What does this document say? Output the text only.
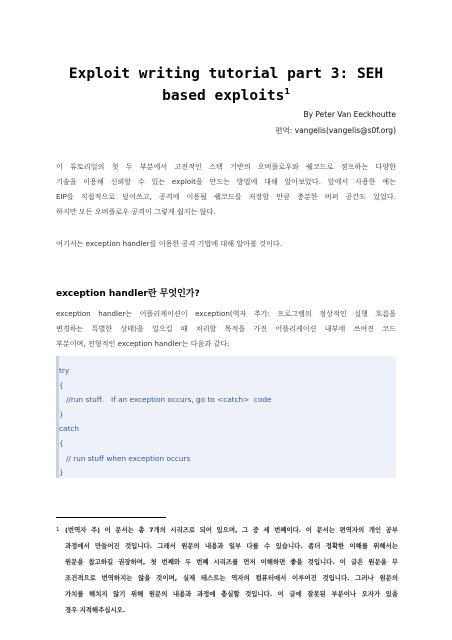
Exploit writing tutorial part 3: SEH
based exploits$^1$
By Peter Van Eeckhoutte
편역: vangelis(vangelis@s0f.org)
이 튜토리얼의 첫 두 부분에서 고전적인 스택 기반의 오버플로우와 쉘코드로 점프하는 다양한
기술을 이용해 신뢰할 수 있는 exploit을 만드는 방법에 대해 알아보았다. 앞에서 사용한 예는
EIP를 직접적으로 덮어쓰고, 공격에 이용될 쉘코드를 저장할 만큼 충분한 버퍼 공간도 있었다.
하지만 모든 오버플로우 공격이 그렇게 쉽지는 않다.
여기서는 exception handler를 이용한 공격 기법에 대해 알아볼 것이다.
exception handler란 무엇인가?
exception handler는 어플리케이션이 exception(역자 추가: 프로그램의 정상적인 실행 흐름을
변경하는 특별한 상태)을 일으킬 때 처리할 목적을 가진 어플리케이션 내부에 쓰여진 코드
부분이며, 전형적인 exception handler는 다음과 같다:
try
{
//run stuff.   If an exception occurs, go to <catch>  code
}
catch
{
// run stuff when exception occurs
}
1 (번역자 주) 이 문서는 총 7개의 시리즈로 되어 있으며, 그 중 세 번째이다. 이 문서는 편역자의 개인 공부
과정에서 만들어진 것입니다. 그래서 원문의 내용과 일부 다를 수 있습니다. 좀더 정확한 이해를 위해서는
원문을 참고하길 권장하며, 첫 번째와 두 번째 시리즈를 먼저 이해하면 좋을 것입니다. 이 글은 원문을 무
조건적으로 번역하지는 않을 것이며, 실제 테스트는 역자의 컴퓨터에서 이루어진 것입니다. 그러나 원문의
가치를 해치지 않기 위해 원문의 내용과 과정에 충실할 것입니다. 이 글에 잘못된 부분이나 오자가 있을
경우 지적해주십시오.
